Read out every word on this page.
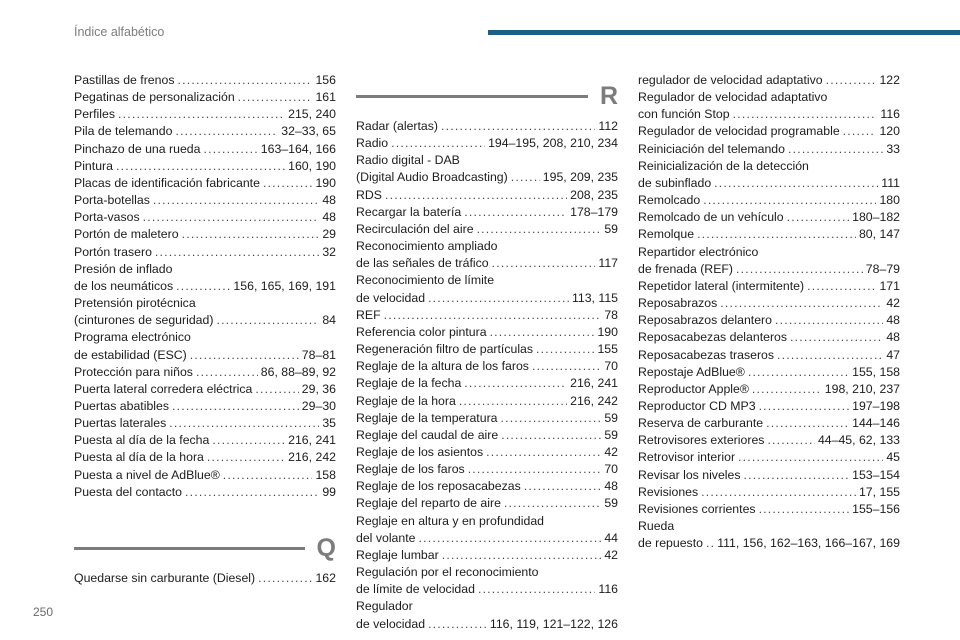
Índice alfabético
Pastillas de frenos .....	156
Pegatinas de personalización .....	161
Perfiles .....	215, 240
Pila de telemando .....	32–33, 65
Pinchazo de una rueda .....	163–164, 166
Pintura .....	160, 190
Placas de identificación fabricante .....	190
Porta-botellas .....	48
Porta-vasos .....	48
Portón de maletero .....	29
Portón trasero .....	32
Presión de inflado
de los neumáticos .....	156, 165, 169, 191
Pretensión pirotécnica
(cinturones de seguridad) .....	84
Programa electrónico
de estabilidad (ESC) .....	78–81
Protección para niños .....	86, 88–89, 92
Puerta lateral corredera eléctrica .....	29, 36
Puertas abatibles .....	29–30
Puertas laterales .....	35
Puesta al día de la fecha .....	216, 241
Puesta al día de la hora .....	216, 242
Puesta a nivel de AdBlue® .....	158
Puesta del contacto .....	99
Q
Quedarse sin carburante (Diesel) .....	162
R
Radar (alertas) .....	112
Radio .....	194–195, 208, 210, 234
Radio digital - DAB
(Digital Audio Broadcasting) .....	195, 209, 235
RDS .....	208, 235
Recargar la batería .....	178–179
Recirculación del aire .....	59
Reconocimiento ampliado
de las señales de tráfico .....	117
Reconocimiento de límite
de velocidad .....	113, 115
REF .....	78
Referencia color pintura .....	190
Regeneración filtro de partículas .....	155
Reglaje de la altura de los faros .....	70
Reglaje de la fecha .....	216, 241
Reglaje de la hora .....	216, 242
Reglaje de la temperatura .....	59
Reglaje del caudal de aire .....	59
Reglaje de los asientos .....	42
Reglaje de los faros .....	70
Reglaje de los reposacabezas .....	48
Reglaje del reparto de aire .....	59
Reglaje en altura y en profundidad
del volante .....	44
Reglaje lumbar .....	42
Regulación por el reconocimiento
de límite de velocidad .....	116
Regulador
de velocidad .....	116, 119, 121–122, 126
regulador de velocidad adaptativo .....	122
Regulador de velocidad adaptativo
con función Stop .....	116
Regulador de velocidad programable .....	120
Reiniciación del telemando .....	33
Reinicialización de la detección
de subinflado .....	111
Remolcado .....	180
Remolcado de un vehículo .....	180–182
Remolque .....	80, 147
Repartidor electrónico
de frenada (REF) .....	78–79
Repetidor lateral (intermitente) .....	171
Reposabrazos .....	42
Reposabrazos delantero .....	48
Reposacabezas delanteros .....	48
Reposacabezas traseros .....	47
Repostaje AdBlue® .....	155, 158
Reproductor Apple® .....	198, 210, 237
Reproductor CD MP3 .....	197–198
Reserva de carburante .....	144–146
Retrovisores exteriores .....	44–45, 62, 133
Retrovisor interior .....	45
Revisar los niveles .....	153–154
Revisiones .....	17, 155
Revisiones corrientes .....	155–156
Rueda
de repuesto ..... 111, 156, 162–163, 166–167, 169
250
